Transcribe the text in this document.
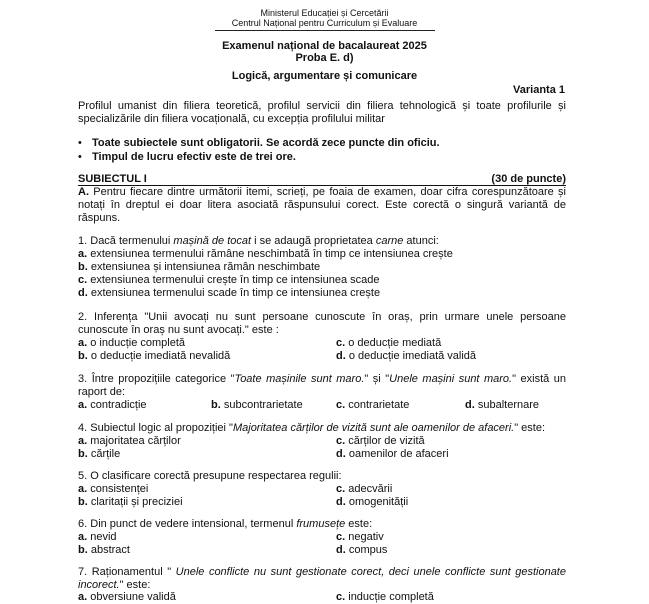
Ministerul Educației și Cercetării
Centrul Național pentru Curriculum și Evaluare
Examenul național de bacalaureat 2025
Proba E. d)
Logică, argumentare și comunicare
Varianta 1
Profilul umanist din filiera teoretică, profilul servicii din filiera tehnologică și toate profilurile și
specializările din filiera vocațională, cu excepția profilului militar
• Toate subiectele sunt obligatorii. Se acordă zece puncte din oficiu.
• Timpul de lucru efectiv este de trei ore.
SUBIECTUL I	(30 de puncte)
A. Pentru fiecare dintre următorii itemi, scrieți, pe foaia de examen, doar cifra corespunzătoare și
notați în dreptul ei doar litera asociată răspunsului corect. Este corectă o singură variantă de
răspuns.
1. Dacă termenului mașină de tocat i se adaugă proprietatea carne atunci:
a. extensiunea termenului rămâne neschimbată în timp ce intensiunea crește
b. extensiunea și intensiunea rămân neschimbate
c. extensiunea termenului crește în timp ce intensiunea scade
d. extensiunea termenului scade în timp ce intensiunea crește
2. Inferența "Unii avocați nu sunt persoane cunoscute în oraș, prin urmare unele persoane
cunoscute în oraș nu sunt avocați." este :
a. o inducție completă	c. o deducție mediată
b. o deducție imediată nevalidă	d. o deducție imediată validă
3. Între propozițiile categorice "Toate mașinile sunt maro." și "Unele mașini sunt maro." există un
raport de:
a. contradicție	b. subcontrarietate	c. contrarietate	d. subalternare
4. Subiectul logic al propoziției "Majoritatea cărților de vizită sunt ale oamenilor de afaceri." este:
a. majoritatea cărților	c. cărților de vizită
b. cărțile	d. oamenilor de afaceri
5. O clasificare corectă presupune respectarea regulii:
a. consistenței	c. adecvării
b. claritații și preciziei	d. omogenității
6. Din punct de vedere intensional, termenul frumusețe este:
a. nevid	c. negativ
b. abstract	d. compus
7. Raționamentul " Unele conflicte nu sunt gestionate corect, deci unele conflicte sunt gestionate
incorect." este:
a. obversiune validă	c. inducție completă
